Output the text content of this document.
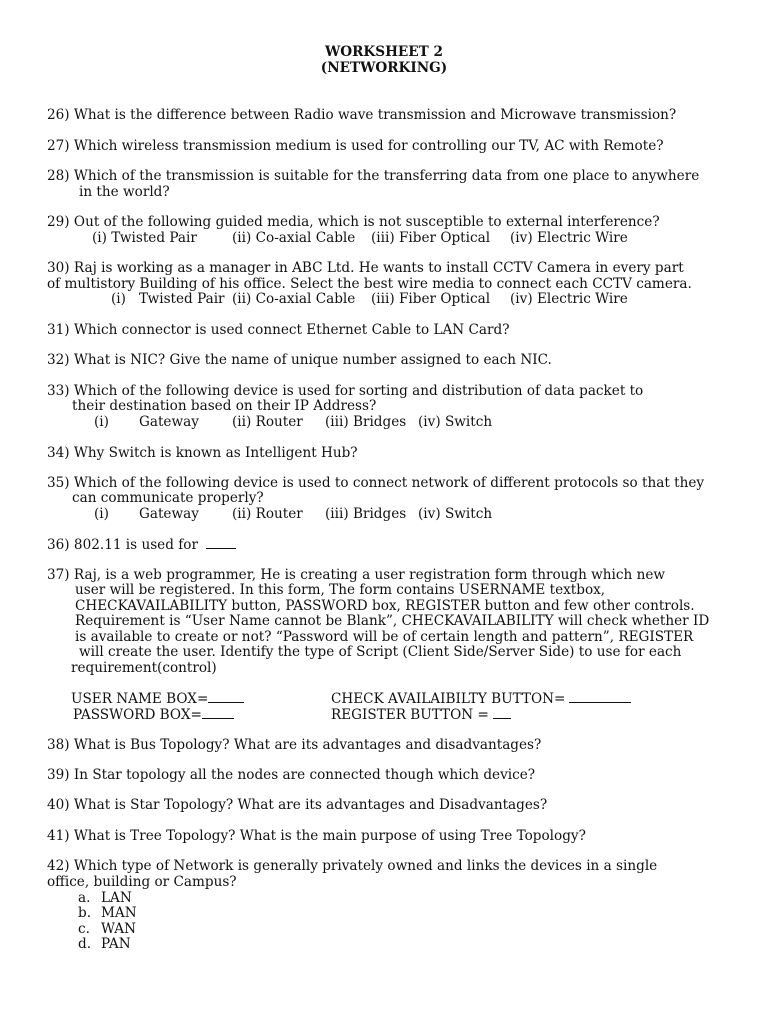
WORKSHEET 2
(NETWORKING)
26) What is the difference between Radio wave transmission and Microwave transmission?
27) Which wireless transmission medium is used for controlling our TV, AC with Remote?
28) Which of the transmission is suitable for the transferring data from one place to anywhere
in the world?
29) Out of the following guided media, which is not susceptible to external interference?
(i) Twisted Pair	(ii) Co-axial Cable (iii) Fiber Optical (iv) Electric Wire
30) Raj is working as a manager in ABC Ltd. He wants to install CCTV Camera in every part
of multistory Building of his office. Select the best wire media to connect each CCTV camera.
(i) Twisted Pair (ii) Co-axial Cable (iii) Fiber Optical (iv) Electric Wire
31) Which connector is used connect Ethernet Cable to LAN Card?
32) What is NIC? Give the name of unique number assigned to each NIC.
33) Which of the following device is used for sorting and distribution of data packet to
their destination based on their IP Address?
(i) Gateway (ii) Router (iii) Bridges (iv) Switch
34) Why Switch is known as Intelligent Hub?
35) Which of the following device is used to connect network of different protocols so that they
can communicate properly?
(i) Gateway (ii) Router (iii) Bridges (iv) Switch
36) 802.11 is used for
37) Raj, is a web programmer, He is creating a user registration form through which new
user will be registered. In this form, The form contains USERNAME textbox,
CHECKAVAILABILITY button, PASSWORD box, REGISTER button and few other controls.
Requirement is “User Name cannot be Blank”, CHECKAVAILABILITY will check whether ID
is available to create or not? “Password will be of certain length and pattern”, REGISTER
will create the user. Identify the type of Script (Client Side/Server Side) to use for each
requirement(control)
USER NAME BOX=	CHECK AVAILAIBILTY BUTTON=
PASSWORD BOX=	REGISTER BUTTON =
38) What is Bus Topology? What are its advantages and disadvantages?
39) In Star topology all the nodes are connected though which device?
40) What is Star Topology? What are its advantages and Disadvantages?
41) What is Tree Topology? What is the main purpose of using Tree Topology?
42) Which type of Network is generally privately owned and links the devices in a single
office, building or Campus?
a. LAN
b. MAN
c. WAN
d. PAN
